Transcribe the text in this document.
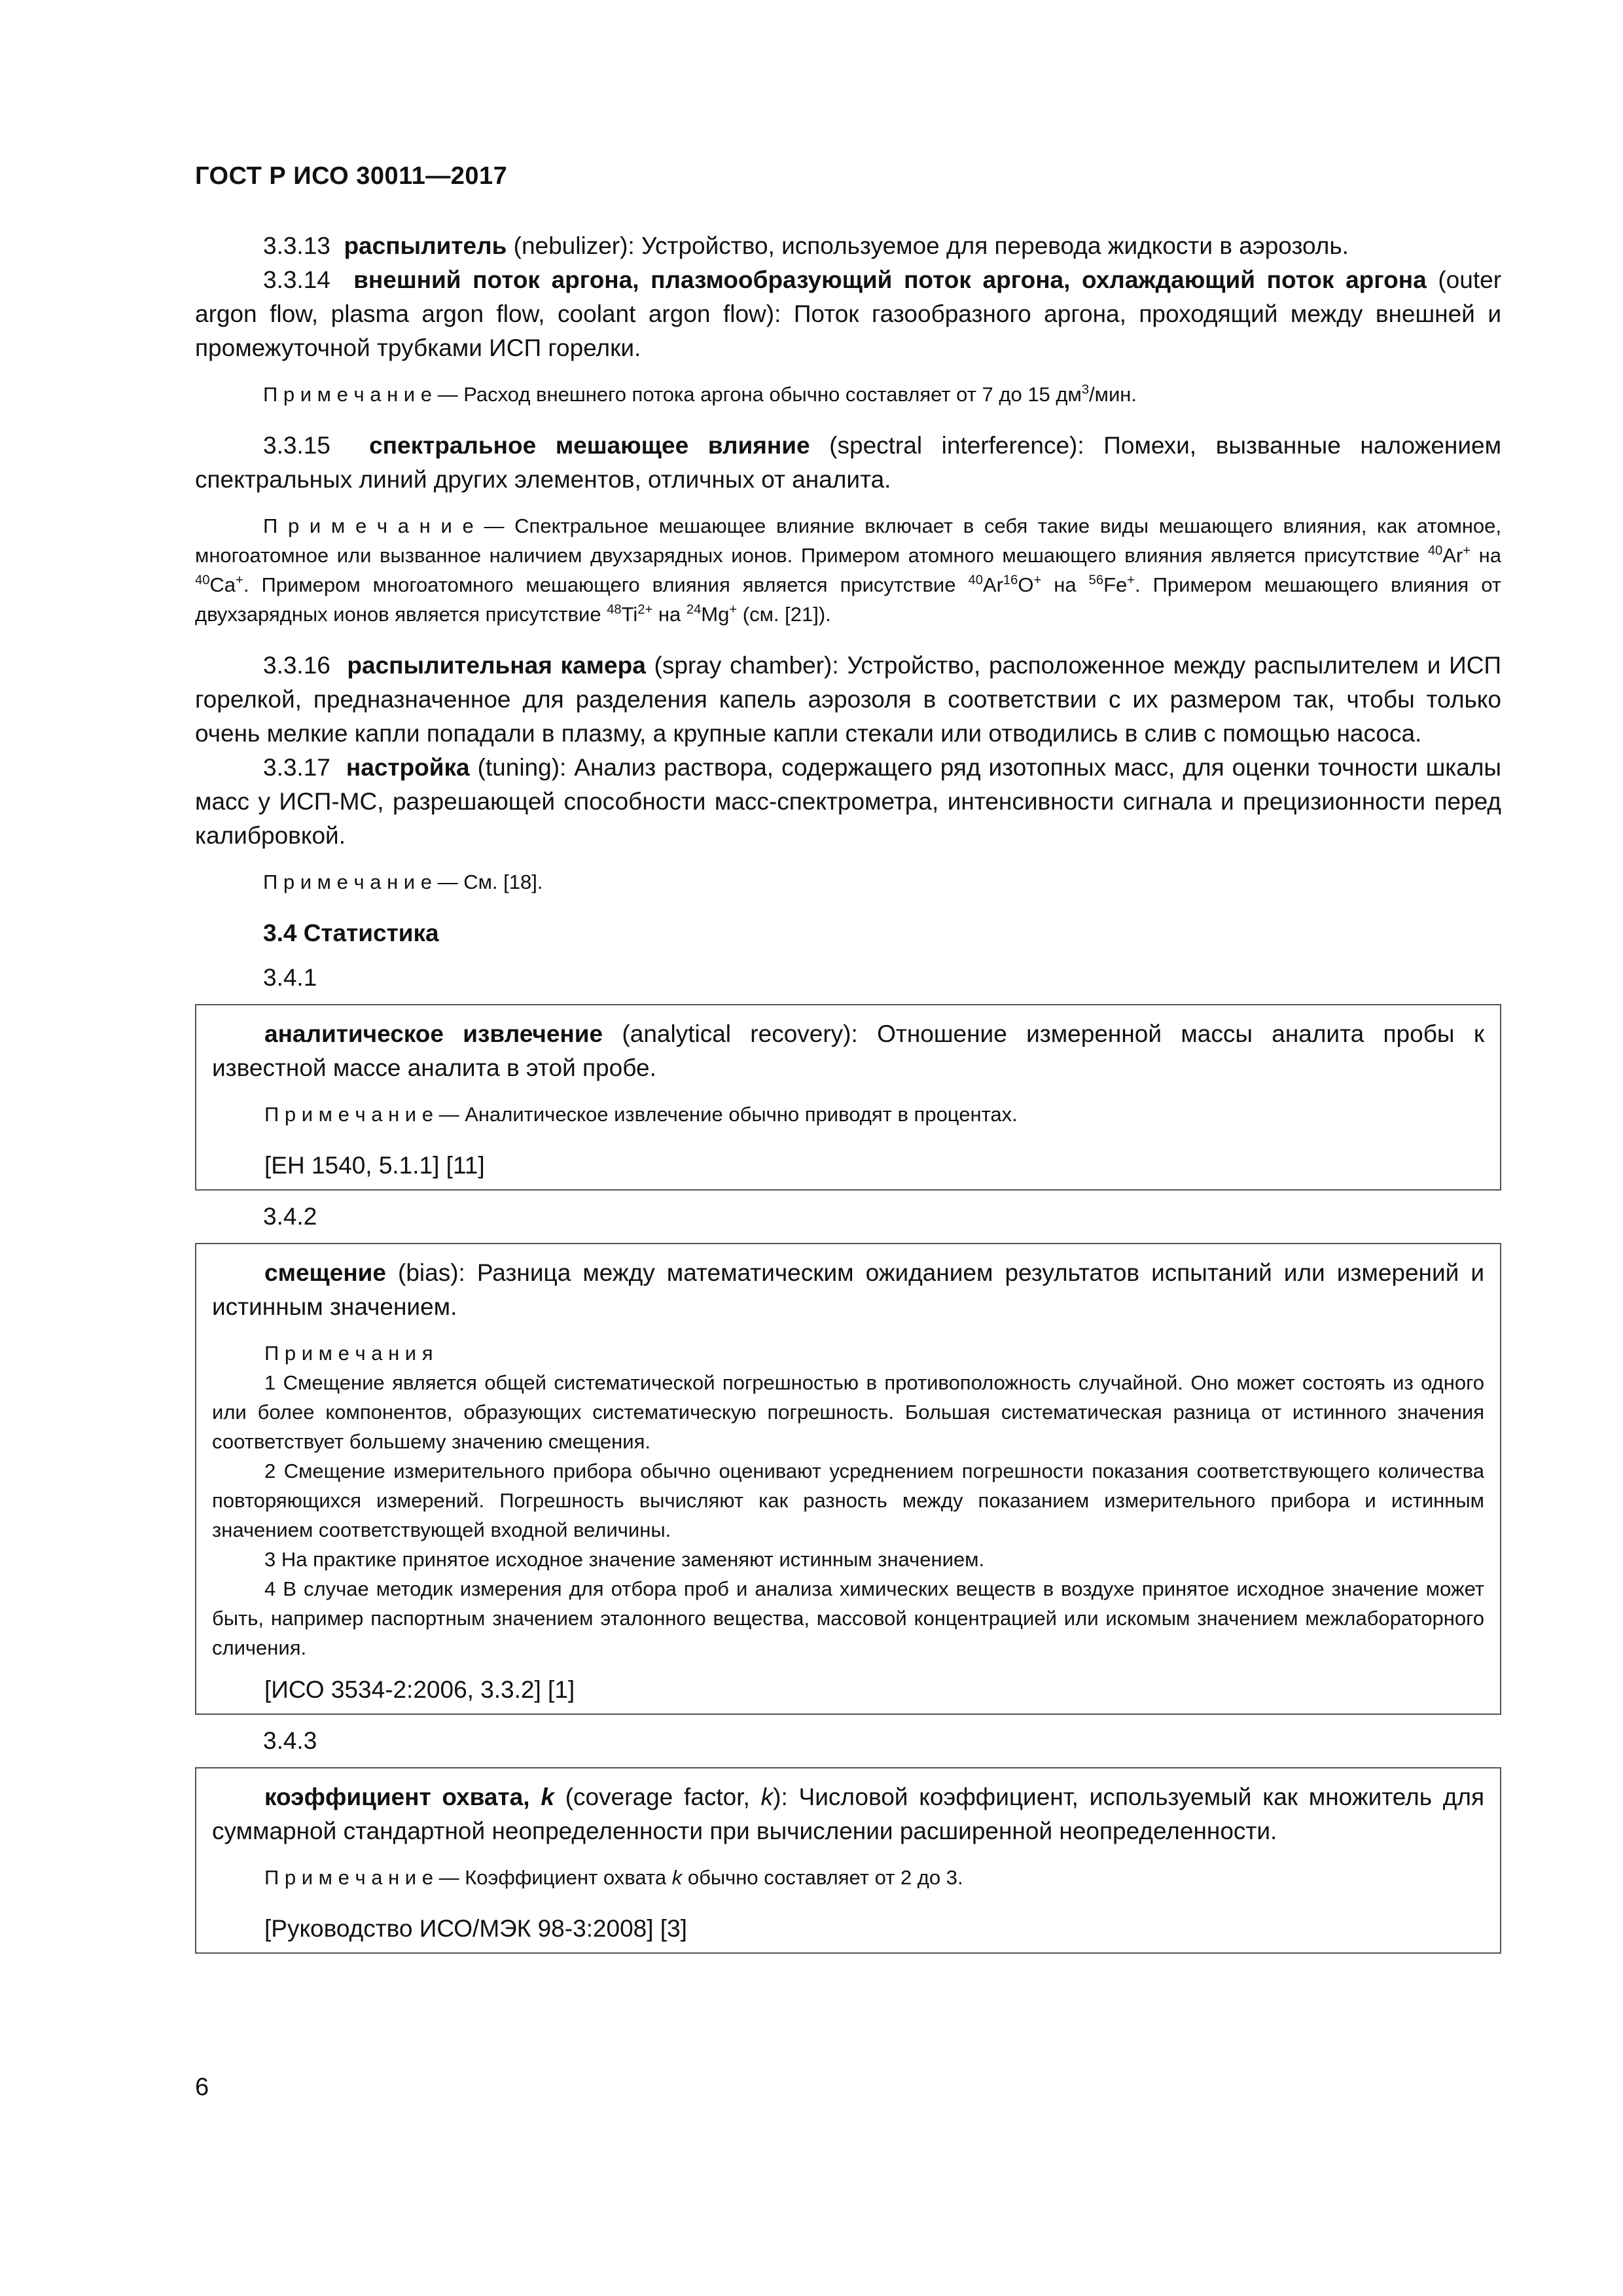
ГОСТ Р ИСО 30011—2017

3.3.13 распылитель (nebulizer): Устройство, используемое для перевода жидкости в аэрозоль.

3.3.14 внешний поток аргона, плазмообразующий поток аргона, охлаждающий поток аргона (outer argon flow, plasma argon flow, coolant argon flow): Поток газообразного аргона, проходящий между внешней и промежуточной трубками ИСП горелки.

П р и м е ч а н и е — Расход внешнего потока аргона обычно составляет от 7 до 15 $дм^3$/мин.

3.3.15 спектральное мешающее влияние (spectral interference): Помехи, вызванные наложением спектральных линий других элементов, отличных от аналита.

П р и м е ч а н и е — Спектральное мешающее влияние включает в себя такие виды мешающего влияния, как атомное, многоатомное или вызванное наличием двухзарядных ионов. Примером атомного мешающего влияния является присутствие $^{40}$Ar+ на $^{40}$Ca+. Примером многоатомного мешающего влияния является присутствие $^{40}$Ar$^{16}$O+ на $^{56}$Fe+. Примером мешающего влияния от двухзарядных ионов является присутствие $^{48}Ti^{2+}$ на $^{24}$Mg+ (см. [21]).

3.3.16 распылительная камера (spray chamber): Устройство, расположенное между распылителем и ИСП горелкой, предназначенное для разделения капель аэрозоля в соответствии с их размером так, чтобы только очень мелкие капли попадали в плазму, а крупные капли стекали или отводились в слив с помощью насоса.

3.3.17 настройка (tuning): Анализ раствора, содержащего ряд изотопных масс, для оценки точности шкалы масс у ИСП-МС, разрешающей способности масс-спектрометра, интенсивности сигнала и прецизионности перед калибровкой.

П р и м е ч а н и е — См. [18].

3.4 Статистика

3.4.1

аналитическое извлечение (analytical recovery): Отношение измеренной массы аналита пробы к известной массе аналита в этой пробе.

П р и м е ч а н и е — Аналитическое извлечение обычно приводят в процентах.

[ЕН 1540, 5.1.1] [11]

3.4.2

смещение (bias): Разница между математическим ожиданием результатов испытаний или измерений и истинным значением.

П р и м е ч а н и я

1 Смещение является общей систематической погрешностью в противоположность случайной. Оно может состоять из одного или более компонентов, образующих систематическую погрешность. Большая систематическая разница от истинного значения соответствует большему значению смещения.

2 Смещение измерительного прибора обычно оценивают усреднением погрешности показания соответствующего количества повторяющихся измерений. Погрешность вычисляют как разность между показанием измерительного прибора и истинным значением соответствующей входной величины.

3 На практике принятое исходное значение заменяют истинным значением.

4 В случае методик измерения для отбора проб и анализа химических веществ в воздухе принятое исходное значение может быть, например паспортным значением эталонного вещества, массовой концентрацией или искомым значением межлабораторного сличения.

[ИСО 3534-2:2006, 3.3.2] [1]

3.4.3

коэффициент охвата, k (coverage factor, k): Числовой коэффициент, используемый как множитель для суммарной стандартной неопределенности при вычислении расширенной неопределенности.

П р и м е ч а н и е — Коэффициент охвата k обычно составляет от 2 до 3.

[Руководство ИСО/МЭК 98-3:2008] [3]

6
